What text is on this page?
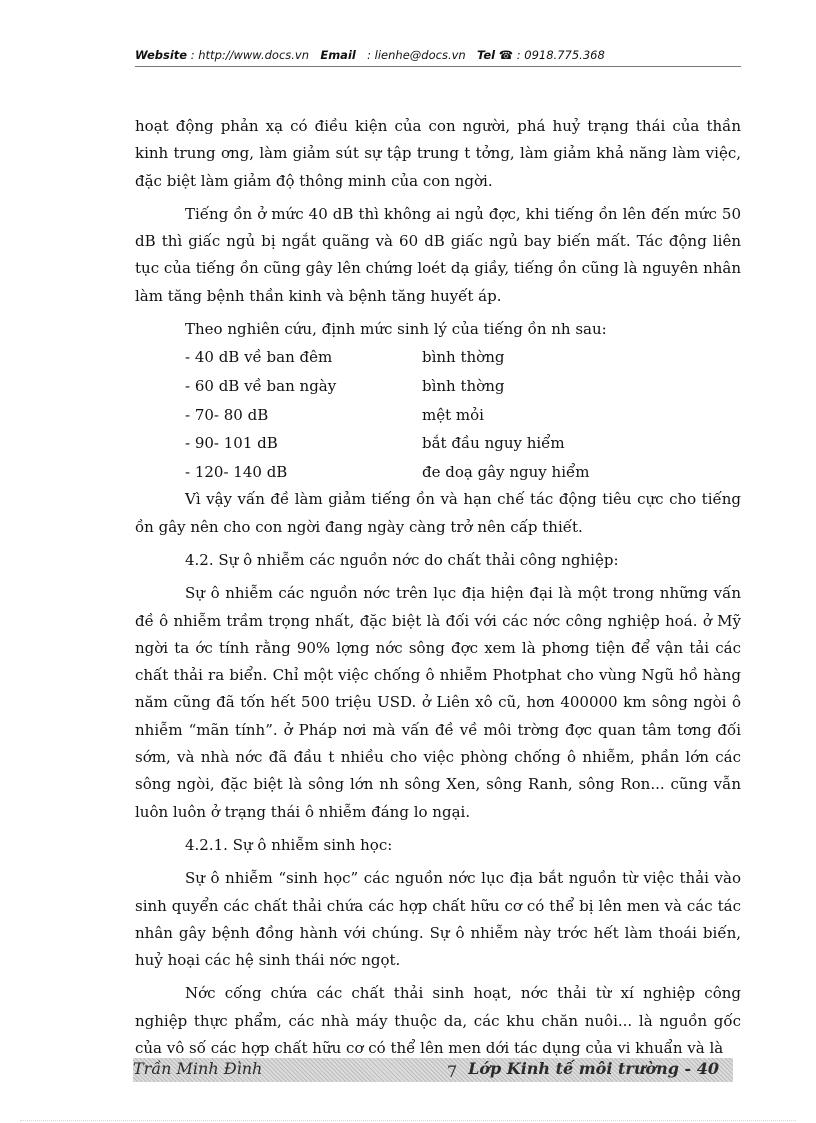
Website : http://www.docs.vn Email : lienhe@docs.vn Tel ☎ : 0918.775.368

hoạt động phản xạ có điều kiện của con người, phá huỷ trạng thái của thần kinh trung ơng, làm giảm sút sự tập trung t tởng, làm giảm khả năng làm việc, đặc biệt làm giảm độ thông minh của con ngời.

Tiếng ồn ở mức 40 dB thì không ai ngủ đợc, khi tiếng ồn lên đến mức 50 dB thì giấc ngủ bị ngắt quãng và 60 dB giấc ngủ bay biến mất. Tác động liên tục của tiếng ồn cũng gây lên chứng loét dạ giầy, tiếng ồn cũng là nguyên nhân làm tăng bệnh thần kinh và bệnh tăng huyết áp.

Theo nghiên cứu, định mức sinh lý của tiếng ồn nh sau:

- 40 dB về ban đêm	bình thờng
- 60 dB về ban ngày	bình thờng
- 70- 80 dB	mệt mỏi
- 90- 101 dB	bắt đầu nguy hiểm
- 120- 140 dB	đe doạ gây nguy hiểm

Vì vậy vấn đề làm giảm tiếng ồn và hạn chế tác động tiêu cực cho tiếng ồn gây nên cho con ngời đang ngày càng trở nên cấp thiết.

4.2. Sự ô nhiễm các nguồn nớc do chất thải công nghiệp:

Sự ô nhiễm các nguồn nớc trên lục địa hiện đại là một trong những vấn đề ô nhiễm trầm trọng nhất, đặc biệt là đối với các nớc công nghiệp hoá. ở Mỹ ngời ta ớc tính rằng 90% lợng nớc sông đợc xem là phơng tiện để vận tải các chất thải ra biển. Chỉ một việc chống ô nhiễm Photphat cho vùng Ngũ hồ hàng năm cũng đã tốn hết 500 triệu USD. ở Liên xô cũ, hơn 400000 km sông ngòi ô nhiễm “mãn tính”. ở Pháp nơi mà vấn đề về môi trờng đợc quan tâm tơng đối sớm, và nhà nớc đã đầu t nhiều cho việc phòng chống ô nhiễm, phần lớn các sông ngòi, đặc biệt là sông lớn nh sông Xen, sông Ranh, sông Ron... cũng vẫn luôn luôn ở trạng thái ô nhiễm đáng lo ngại.

4.2.1. Sự ô nhiễm sinh học:

Sự ô nhiễm “sinh học” các nguồn nớc lục địa bắt nguồn từ việc thải vào sinh quyển các chất thải chứa các hợp chất hữu cơ có thể bị lên men và các tác nhân gây bệnh đồng hành với chúng. Sự ô nhiễm này trớc hết làm thoái biến, huỷ hoại các hệ sinh thái nớc ngọt.

Nớc cống chứa các chất thải sinh hoạt, nớc thải từ xí nghiệp công nghiệp thực phẩm, các nhà máy thuộc da, các khu chăn nuôi... là nguồn gốc của vô số các hợp chất hữu cơ có thể lên men dới tác dụng của vi khuẩn và là

Trần Minh Đình	7 Lớp Kinh tế môi trường - 40
